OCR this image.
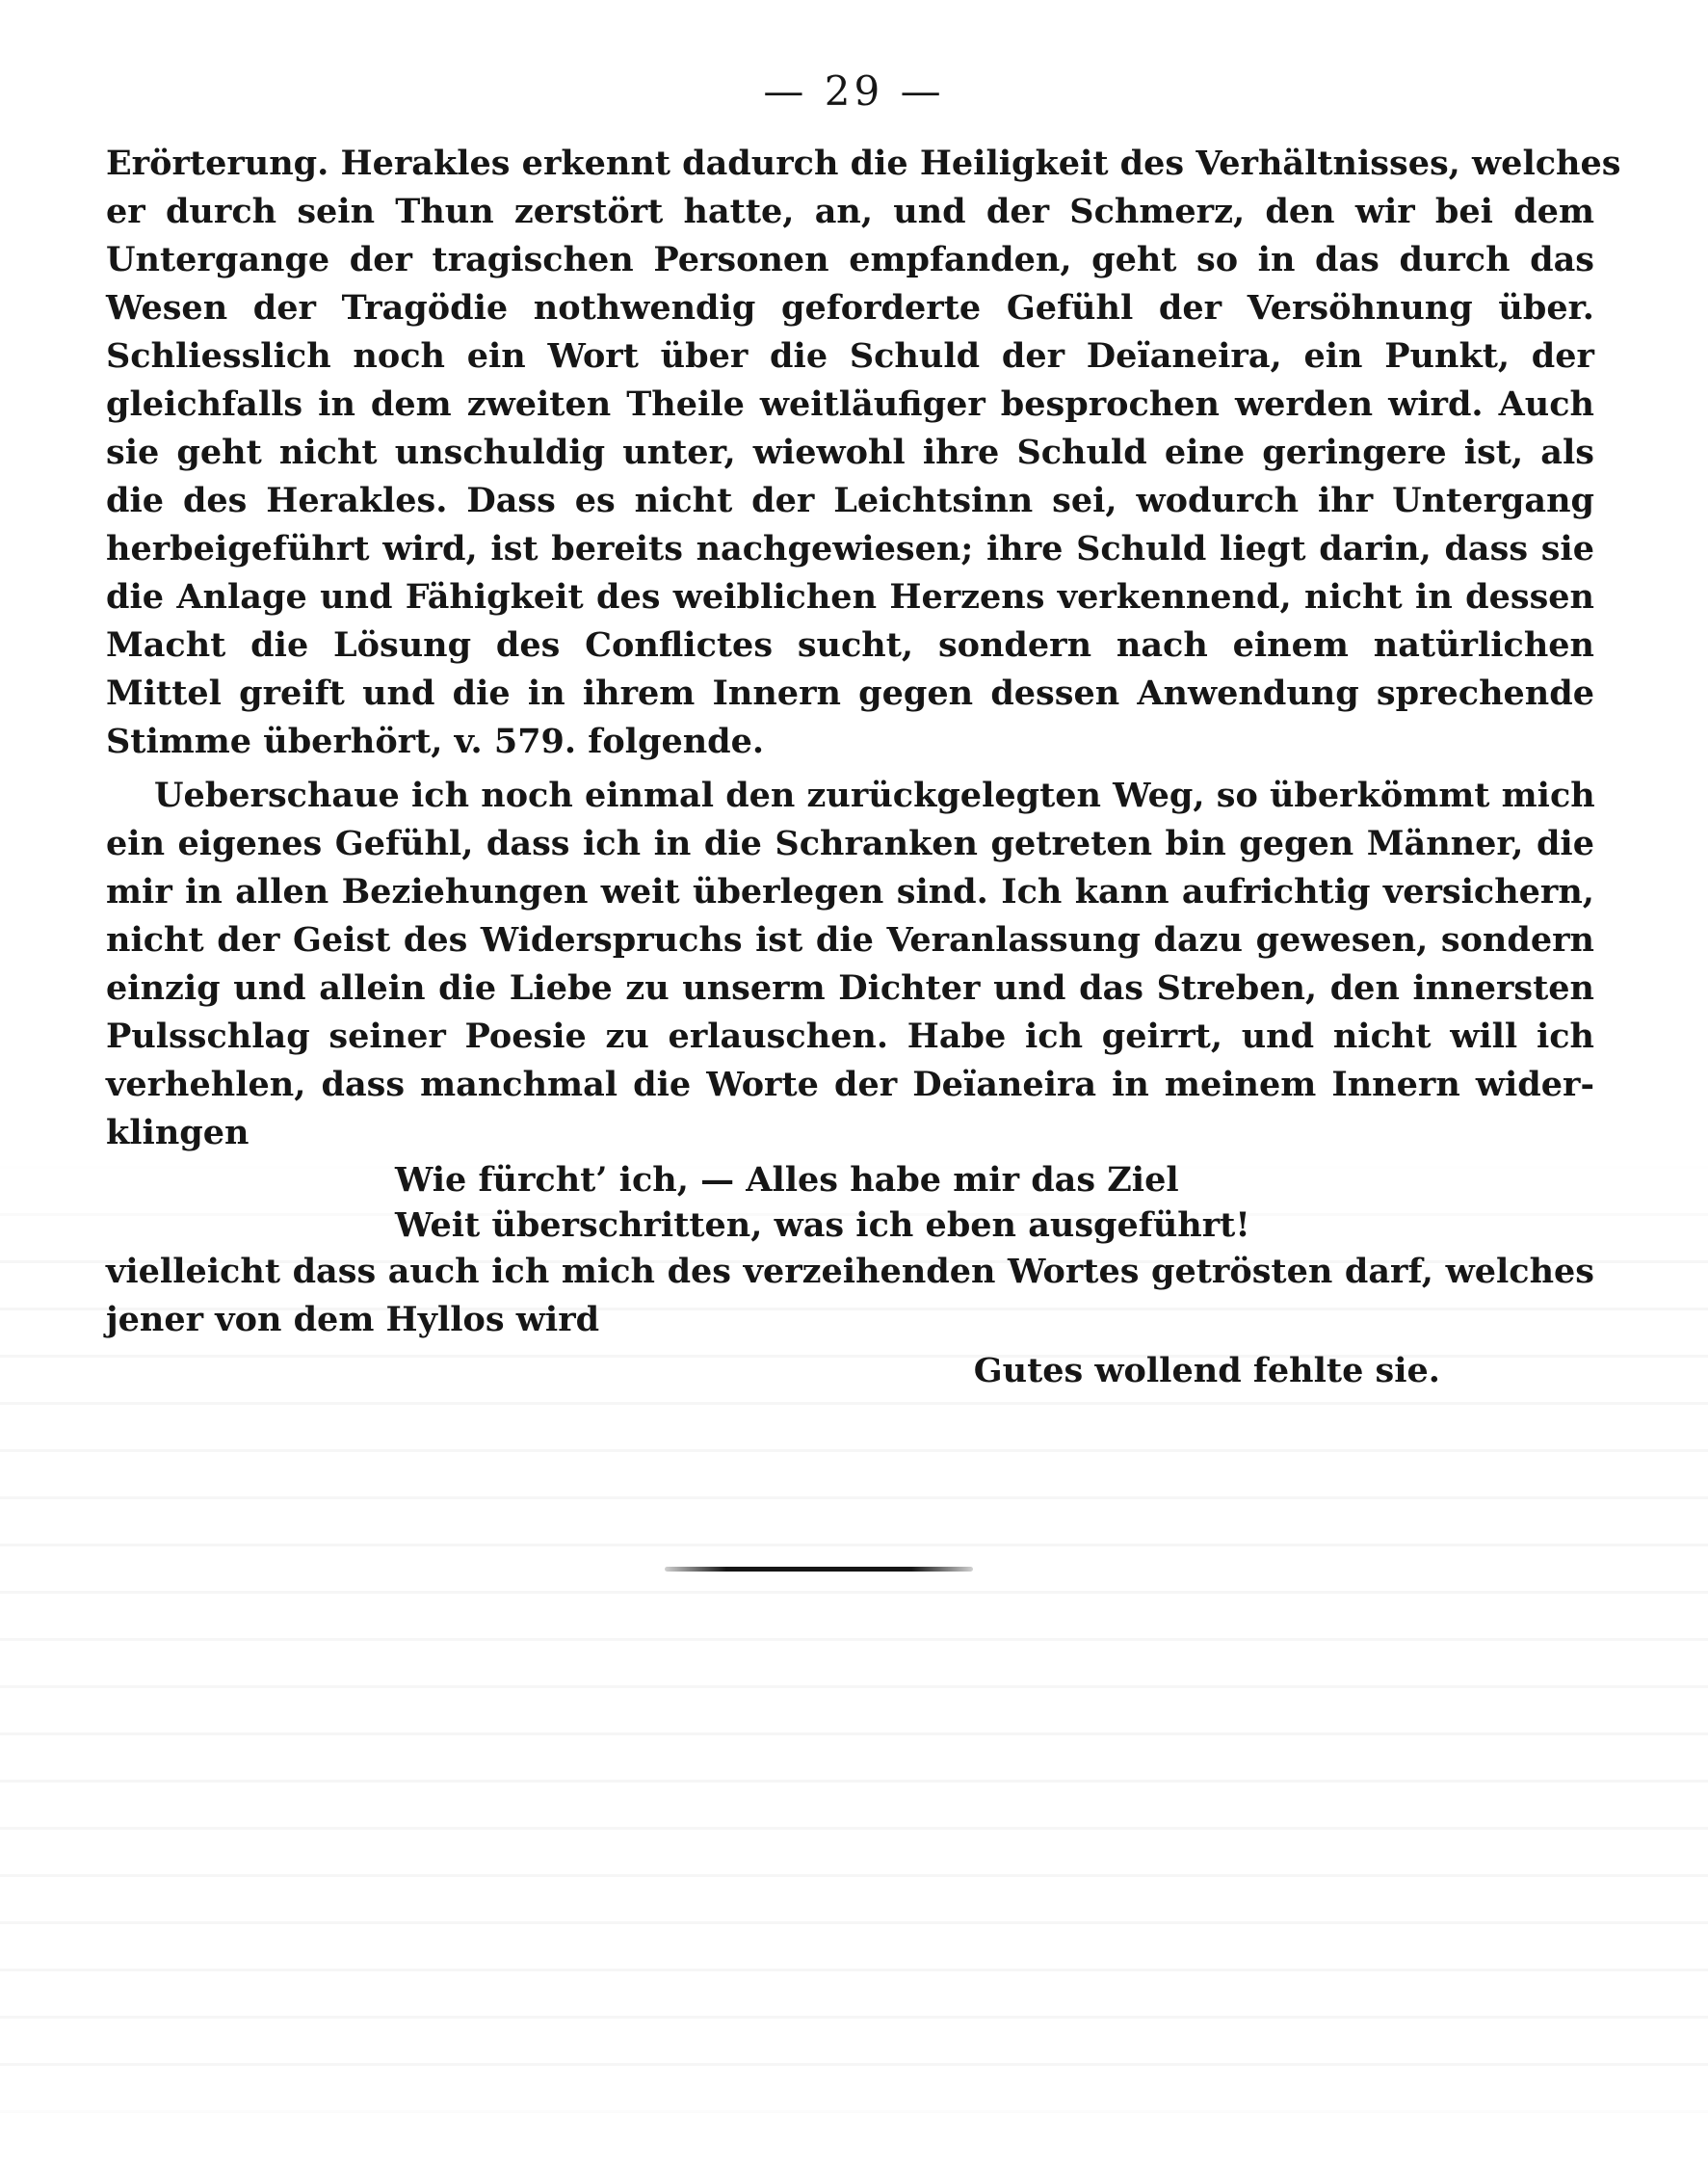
— 29 —
Erörterung. Herakles erkennt dadurch die Heiligkeit des Verhältnisses, welches
er durch sein Thun zerstört hatte, an, und der Schmerz, den wir bei dem
Untergange der tragischen Personen empfanden, geht so in das durch das
Wesen der Tragödie nothwendig geforderte Gefühl der Versöhnung über.
Schliesslich noch ein Wort über die Schuld der Deïaneira, ein Punkt, der
gleichfalls in dem zweiten Theile weitläufiger besprochen werden wird. Auch
sie geht nicht unschuldig unter, wiewohl ihre Schuld eine geringere ist, als
die des Herakles. Dass es nicht der Leichtsinn sei, wodurch ihr Untergang
herbeigeführt wird, ist bereits nachgewiesen; ihre Schuld liegt darin, dass sie
die Anlage und Fähigkeit des weiblichen Herzens verkennend, nicht in dessen
Macht die Lösung des Conflictes sucht, sondern nach einem natürlichen
Mittel greift und die in ihrem Innern gegen dessen Anwendung sprechende
Stimme überhört, v. 579. folgende.
Ueberschaue ich noch einmal den zurückgelegten Weg, so überkömmt mich
ein eigenes Gefühl, dass ich in die Schranken getreten bin gegen Männer, die
mir in allen Beziehungen weit überlegen sind. Ich kann aufrichtig versichern,
nicht der Geist des Widerspruchs ist die Veranlassung dazu gewesen, sondern
einzig und allein die Liebe zu unserm Dichter und das Streben, den innersten
Pulsschlag seiner Poesie zu erlauschen. Habe ich geirrt, und nicht will ich
verhehlen, dass manchmal die Worte der Deïaneira in meinem Innern wider-
klingen
Wie fürcht’ ich, — Alles habe mir das Ziel
Weit überschritten, was ich eben ausgeführt!
vielleicht dass auch ich mich des verzeihenden Wortes getrösten darf, welches
jener von dem Hyllos wird
Gutes wollend fehlte sie.
